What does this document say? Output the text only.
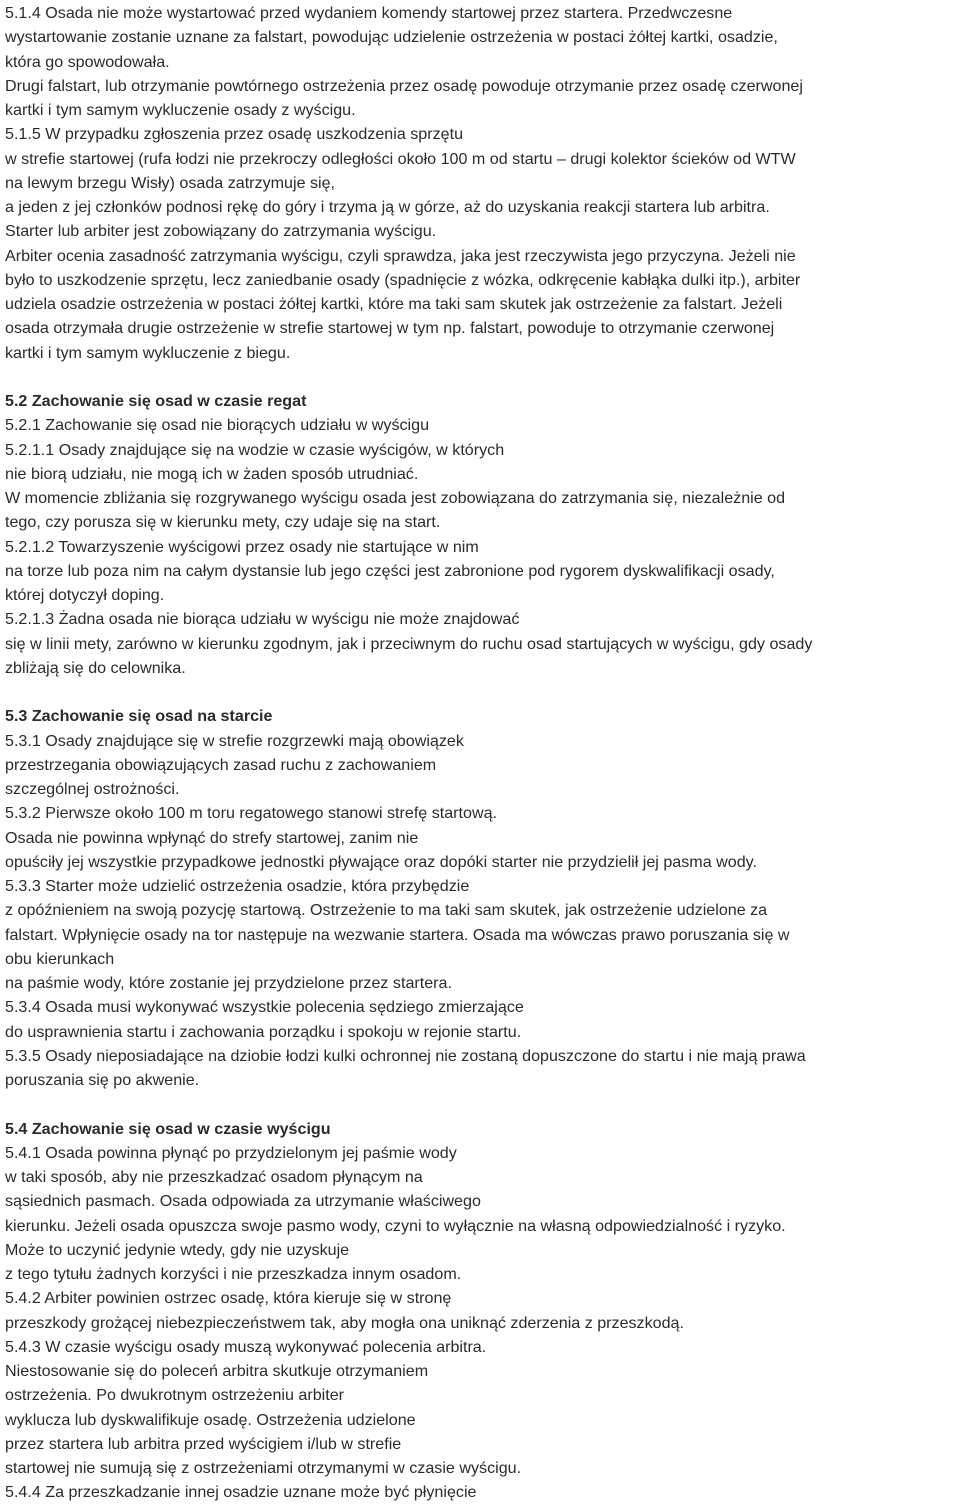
5.1.4 Osada nie może wystartować przed wydaniem komendy startowej przez startera. Przedwczesne
wystartowanie zostanie uznane za falstart, powodując udzielenie ostrzeżenia w postaci żółtej kartki, osadzie,
która go spowodowała.
Drugi falstart, lub otrzymanie powtórnego ostrzeżenia przez osadę powoduje otrzymanie przez osadę czerwonej
kartki i tym samym wykluczenie osady z wyścigu.
5.1.5 W przypadku zgłoszenia przez osadę uszkodzenia sprzętu
w strefie startowej (rufa łodzi nie przekroczy odległości około 100 m od startu – drugi kolektor ścieków od WTW
na lewym brzegu Wisły) osada zatrzymuje się,
a jeden z jej członków podnosi rękę do góry i trzyma ją w górze, aż do uzyskania reakcji startera lub arbitra.
Starter lub arbiter jest zobowiązany do zatrzymania wyścigu.
Arbiter ocenia zasadność zatrzymania wyścigu, czyli sprawdza, jaka jest rzeczywista jego przyczyna. Jeżeli nie
było to uszkodzenie sprzętu, lecz zaniedbanie osady (spadnięcie z wózka, odkręcenie kabłąka dulki itp.), arbiter
udziela osadzie ostrzeżenia w postaci żółtej kartki, które ma taki sam skutek jak ostrzeżenie za falstart. Jeżeli
osada otrzymała drugie ostrzeżenie w strefie startowej w tym np. falstart, powoduje to otrzymanie czerwonej
kartki i tym samym wykluczenie z biegu.
5.2 Zachowanie się osad w czasie regat
5.2.1 Zachowanie się osad nie biorących udziału w wyścigu
5.2.1.1 Osady znajdujące się na wodzie w czasie wyścigów, w których
nie biorą udziału, nie mogą ich w żaden sposób utrudniać.
W momencie zbliżania się rozgrywanego wyścigu osada jest zobowiązana do zatrzymania się, niezależnie od
tego, czy porusza się w kierunku mety, czy udaje się na start.
5.2.1.2 Towarzyszenie wyścigowi przez osady nie startujące w nim
na torze lub poza nim na całym dystansie lub jego części jest zabronione pod rygorem dyskwalifikacji osady,
której dotyczył doping.
5.2.1.3 Żadna osada nie biorąca udziału w wyścigu nie może znajdować
się w linii mety, zarówno w kierunku zgodnym, jak i przeciwnym do ruchu osad startujących w wyścigu, gdy osady
zbliżają się do celownika.
5.3 Zachowanie się osad na starcie
5.3.1 Osady znajdujące się w strefie rozgrzewki mają obowiązek
przestrzegania obowiązujących zasad ruchu z zachowaniem
szczególnej ostrożności.
5.3.2 Pierwsze około 100 m toru regatowego stanowi strefę startową.
Osada nie powinna wpłynąć do strefy startowej, zanim nie
opuściły jej wszystkie przypadkowe jednostki pływające oraz dopóki starter nie przydzielił jej pasma wody.
5.3.3 Starter może udzielić ostrzeżenia osadzie, która przybędzie
z opóźnieniem na swoją pozycję startową. Ostrzeżenie to ma taki sam skutek, jak ostrzeżenie udzielone za
falstart. Wpłynięcie osady na tor następuje na wezwanie startera. Osada ma wówczas prawo poruszania się w
obu kierunkach
na paśmie wody, które zostanie jej przydzielone przez startera.
5.3.4 Osada musi wykonywać wszystkie polecenia sędziego zmierzające
do usprawnienia startu i zachowania porządku i spokoju w rejonie startu.
5.3.5 Osady nieposiadające na dziobie łodzi kulki ochronnej nie zostaną dopuszczone do startu i nie mają prawa
poruszania się po akwenie.
5.4 Zachowanie się osad w czasie wyścigu
5.4.1 Osada powinna płynąć po przydzielonym jej paśmie wody
w taki sposób, aby nie przeszkadzać osadom płynącym na
sąsiednich pasmach. Osada odpowiada za utrzymanie właściwego
kierunku. Jeżeli osada opuszcza swoje pasmo wody, czyni to wyłącznie na własną odpowiedzialność i ryzyko.
Może to uczynić jedynie wtedy, gdy nie uzyskuje
z tego tytułu żadnych korzyści i nie przeszkadza innym osadom.
5.4.2 Arbiter powinien ostrzec osadę, która kieruje się w stronę
przeszkody grożącej niebezpieczeństwem tak, aby mogła ona uniknąć zderzenia z przeszkodą.
5.4.3 W czasie wyścigu osady muszą wykonywać polecenia arbitra.
Niestosowanie się do poleceń arbitra skutkuje otrzymaniem
ostrzeżenia. Po dwukrotnym ostrzeżeniu arbiter
wyklucza lub dyskwalifikuje osadę. Ostrzeżenia udzielone
przez startera lub arbitra przed wyścigiem i/lub w strefie
startowej nie sumują się z ostrzeżeniami otrzymanymi w czasie wyścigu.
5.4.4 Za przeszkadzanie innej osadzie uznane może być płynięcie
